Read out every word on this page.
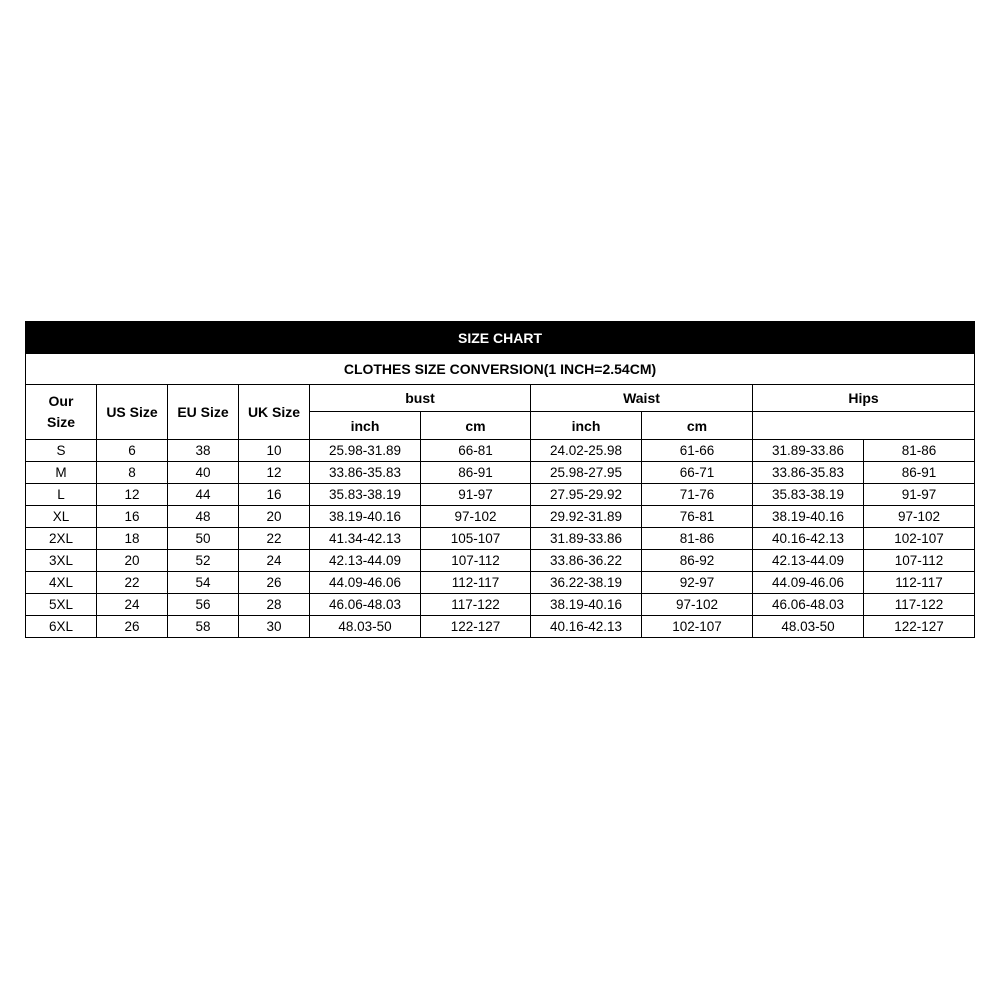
SIZE CHART									
CLOTHES SIZE CONVERSION(1 INCH=2.54CM)									
Our Size	US Size	EU Size	UK Size	bust		Waist		Hips	
				inch	cm	inch	cm		
S	6	38	10	25.98-31.89	66-81	24.02-25.98	61-66	31.89-33.86	81-86
M	8	40	12	33.86-35.83	86-91	25.98-27.95	66-71	33.86-35.83	86-91
L	12	44	16	35.83-38.19	91-97	27.95-29.92	71-76	35.83-38.19	91-97
XL	16	48	20	38.19-40.16	97-102	29.92-31.89	76-81	38.19-40.16	97-102
2XL	18	50	22	41.34-42.13	105-107	31.89-33.86	81-86	40.16-42.13	102-107
3XL	20	52	24	42.13-44.09	107-112	33.86-36.22	86-92	42.13-44.09	107-112
4XL	22	54	26	44.09-46.06	112-117	36.22-38.19	92-97	44.09-46.06	112-117
5XL	24	56	28	46.06-48.03	117-122	38.19-40.16	97-102	46.06-48.03	117-122
6XL	26	58	30	48.03-50	122-127	40.16-42.13	102-107	48.03-50	122-127
